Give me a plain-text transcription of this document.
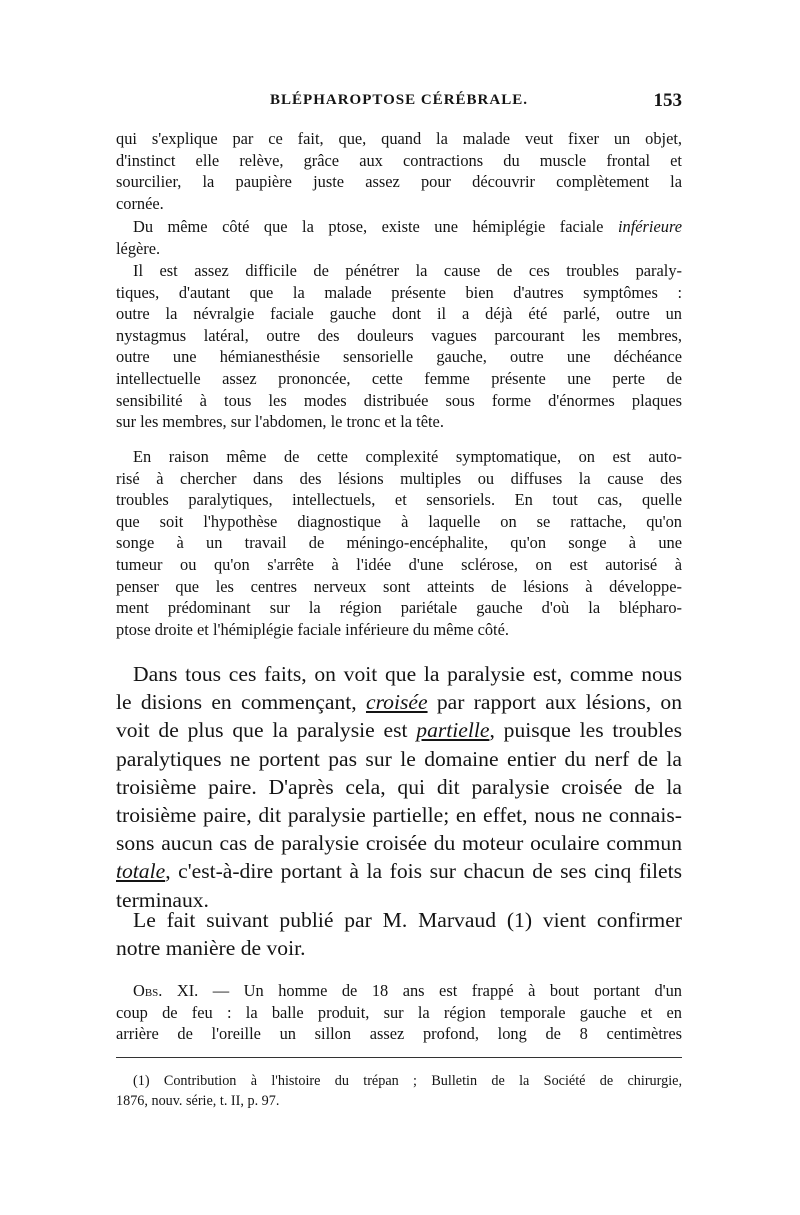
BLÉPHAROPTOSE CÉRÉBRALE.	153
qui s'explique par ce fait, que, quand la malade veut fixer un objet,
d'instinct elle relève, grâce aux contractions du muscle frontal et
sourcilier, la paupière juste assez pour découvrir complètement la
cornée.
Du même côté que la ptose, existe une hémiplégie faciale inférieure
légère.
Il est assez difficile de pénétrer la cause de ces troubles paraly-
tiques, d'autant que la malade présente bien d'autres symptômes :
outre la névralgie faciale gauche dont il a déjà été parlé, outre un
nystagmus latéral, outre des douleurs vagues parcourant les membres,
outre une hémianesthésie sensorielle gauche, outre une déchéance
intellectuelle assez prononcée, cette femme présente une perte de
sensibilité à tous les modes distribuée sous forme d'énormes plaques
sur les membres, sur l'abdomen, le tronc et la tête.
En raison même de cette complexité symptomatique, on est auto-
risé à chercher dans des lésions multiples ou diffuses la cause des
troubles paralytiques, intellectuels, et sensoriels. En tout cas, quelle
que soit l'hypothèse diagnostique à laquelle on se rattache, qu'on
songe à un travail de méningo-encéphalite, qu'on songe à une
tumeur ou qu'on s'arrête à l'idée d'une sclérose, on est autorisé à
penser que les centres nerveux sont atteints de lésions à développe-
ment prédominant sur la région pariétale gauche d'où la blépharo-
ptose droite et l'hémiplégie faciale inférieure du même côté.
Dans tous ces faits, on voit que la paralysie est, comme nous
le disions en commençant, croisée par rapport aux lésions, on
voit de plus que la paralysie est partielle, puisque les troubles
paralytiques ne portent pas sur le domaine entier du nerf de la
troisième paire. D'après cela, qui dit paralysie croisée de la
troisième paire, dit paralysie partielle; en effet, nous ne connais-
sons aucun cas de paralysie croisée du moteur oculaire commun
totale, c'est-à-dire portant à la fois sur chacun de ses cinq filets
terminaux.
Le fait suivant publié par M. Marvaud (1) vient confirmer
notre manière de voir.
Obs. XI. — Un homme de 18 ans est frappé à bout portant d'un
coup de feu : la balle produit, sur la région temporale gauche et en
arrière de l'oreille un sillon assez profond, long de 8 centimètres
(1) Contribution à l'histoire du trépan ; Bulletin de la Société de chirurgie,
1876, nouv. série, t. II, p. 97.
